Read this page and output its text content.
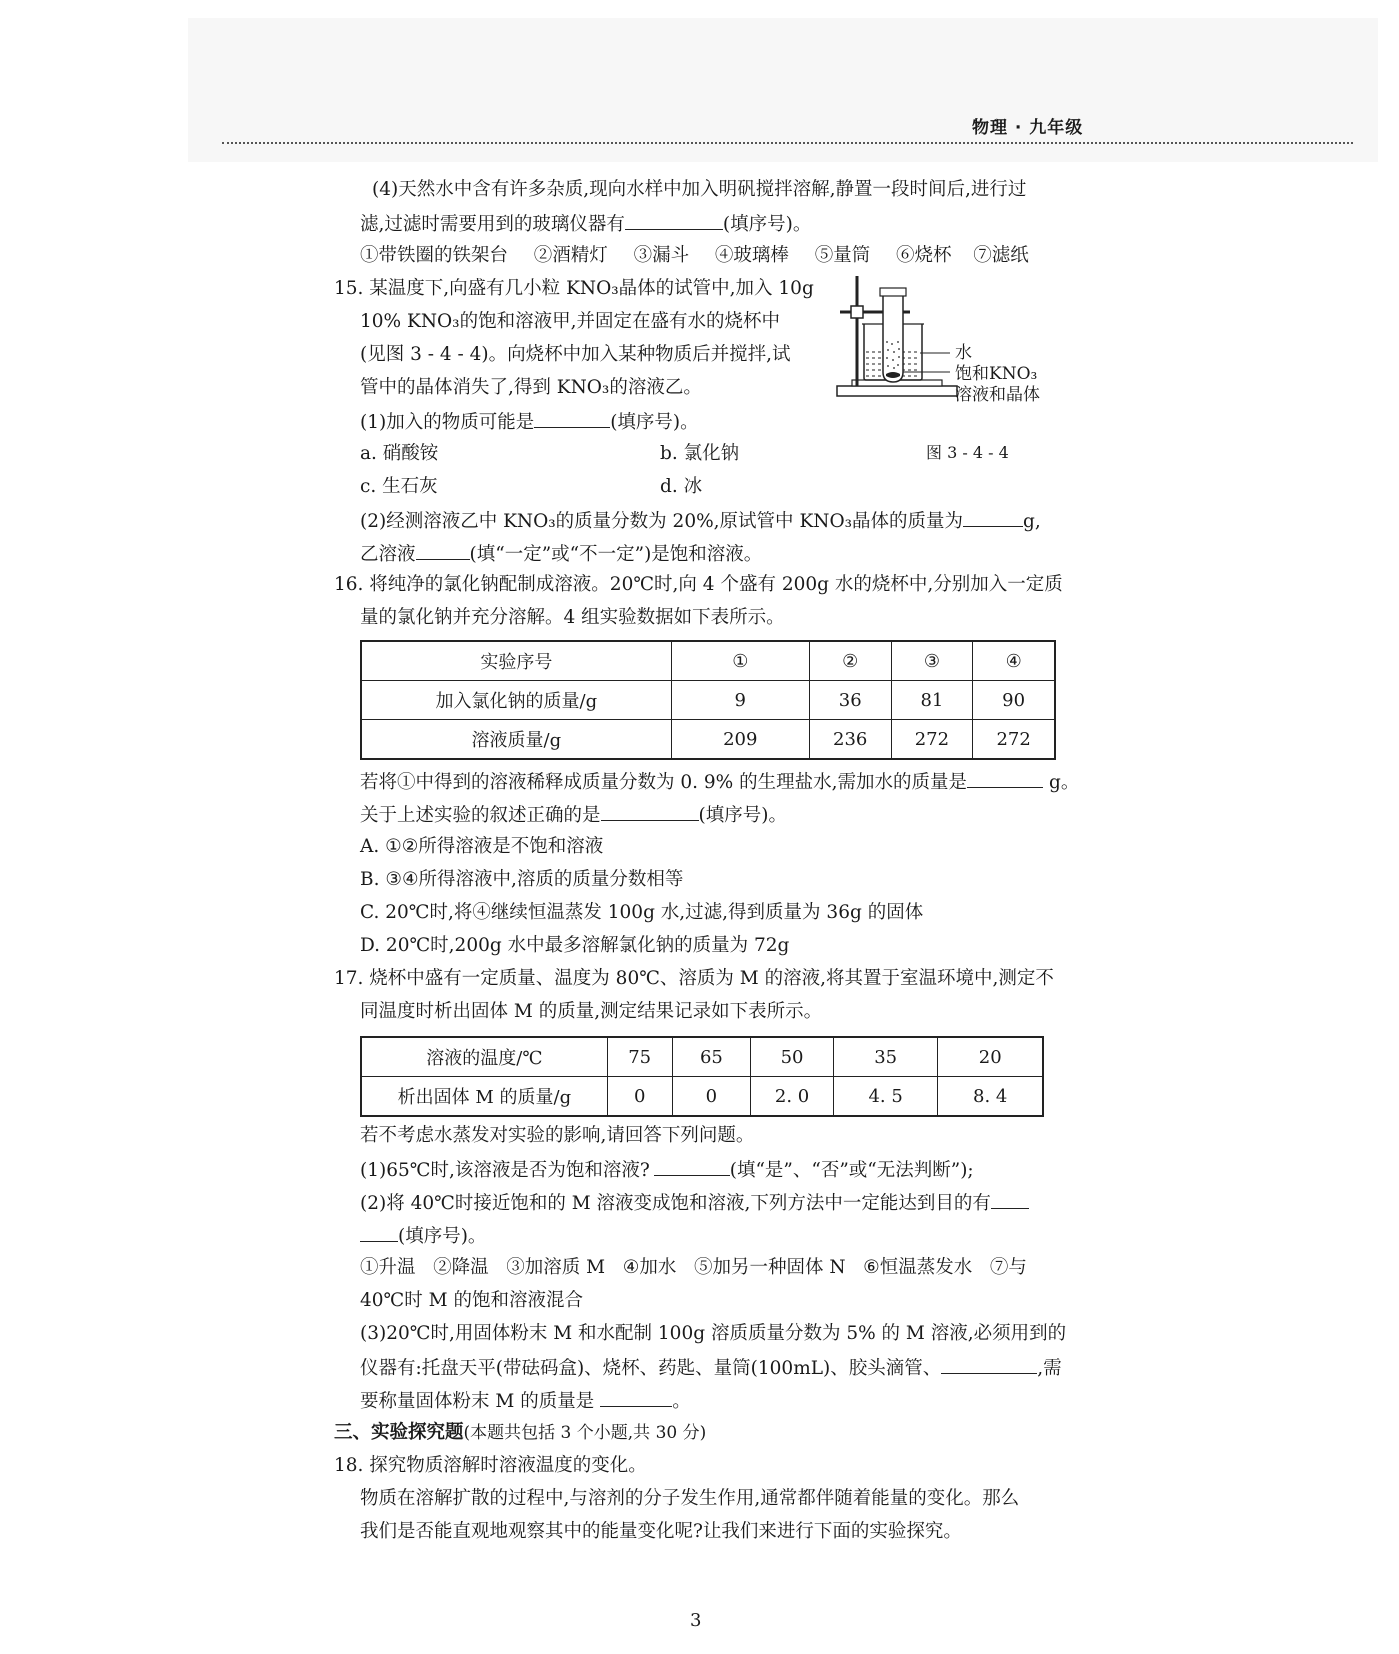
物理 · 九年级
(4)天然水中含有许多杂质,现向水样中加入明矾搅拌溶解,静置一段时间后,进行过
滤,过滤时需要用到的玻璃仪器有	(填序号)。
①带铁圈的铁架台 ②酒精灯 ③漏斗 ④玻璃棒 ⑤量筒 ⑥烧杯 ⑦滤纸
15. 某温度下,向盛有几小粒 KNO₃晶体的试管中,加入 10g
10% KNO₃的饱和溶液甲,并固定在盛有水的烧杯中
(见图 3 - 4 - 4)。向烧杯中加入某种物质后并搅拌,试
管中的晶体消失了,得到 KNO₃的溶液乙。
(1)加入的物质可能是	(填序号)。
a. 硝酸铵	b. 氯化钠
c. 生石灰	d. 冰
(2)经测溶液乙中 KNO₃的质量分数为 20%,原试管中 KNO₃晶体的质量为	g,
乙溶液	(填“一定”或“不一定”)是饱和溶液。
水
饱和KNO₃
溶液和晶体
图 3 - 4 - 4
16. 将纯净的氯化钠配制成溶液。20℃时,向 4 个盛有 200g 水的烧杯中,分别加入一定质
量的氯化钠并充分溶解。4 组实验数据如下表所示。
实验序号	①	②	③	④
加入氯化钠的质量/g	9	36	81	90
溶液质量/g	209	236	272	272
若将①中得到的溶液稀释成质量分数为 0. 9% 的生理盐水,需加水的质量是	g。
关于上述实验的叙述正确的是	(填序号)。
A. ①②所得溶液是不饱和溶液
B. ③④所得溶液中,溶质的质量分数相等
C. 20℃时,将④继续恒温蒸发 100g 水,过滤,得到质量为 36g 的固体
D. 20℃时,200g 水中最多溶解氯化钠的质量为 72g
17. 烧杯中盛有一定质量、温度为 80℃、溶质为 M 的溶液,将其置于室温环境中,测定不
同温度时析出固体 M 的质量,测定结果记录如下表所示。
溶液的温度/℃	75	65	50	35	20
析出固体 M 的质量/g	0	0	2. 0	4. 5	8. 4
若不考虑水蒸发对实验的影响,请回答下列问题。
(1)65℃时,该溶液是否为饱和溶液?	(填“是”、“否”或“无法判断”);
(2)将 40℃时接近饱和的 M 溶液变成饱和溶液,下列方法中一定能达到目的有
(填序号)。
①升温   ②降温   ③加溶质 M   ④加水   ⑤加另一种固体 N   ⑥恒温蒸发水   ⑦与
40℃时 M 的饱和溶液混合
(3)20℃时,用固体粉末 M 和水配制 100g 溶质质量分数为 5% 的 M 溶液,必须用到的
仪器有:托盘天平(带砝码盒)、烧杯、药匙、量筒(100mL)、胶头滴管、	,需
要称量固体粉末 M 的质量是	。
三、实验探究题(本题共包括 3 个小题,共 30 分)
18. 探究物质溶解时溶液温度的变化。
物质在溶解扩散的过程中,与溶剂的分子发生作用,通常都伴随着能量的变化。那么
我们是否能直观地观察其中的能量变化呢?让我们来进行下面的实验探究。
3
